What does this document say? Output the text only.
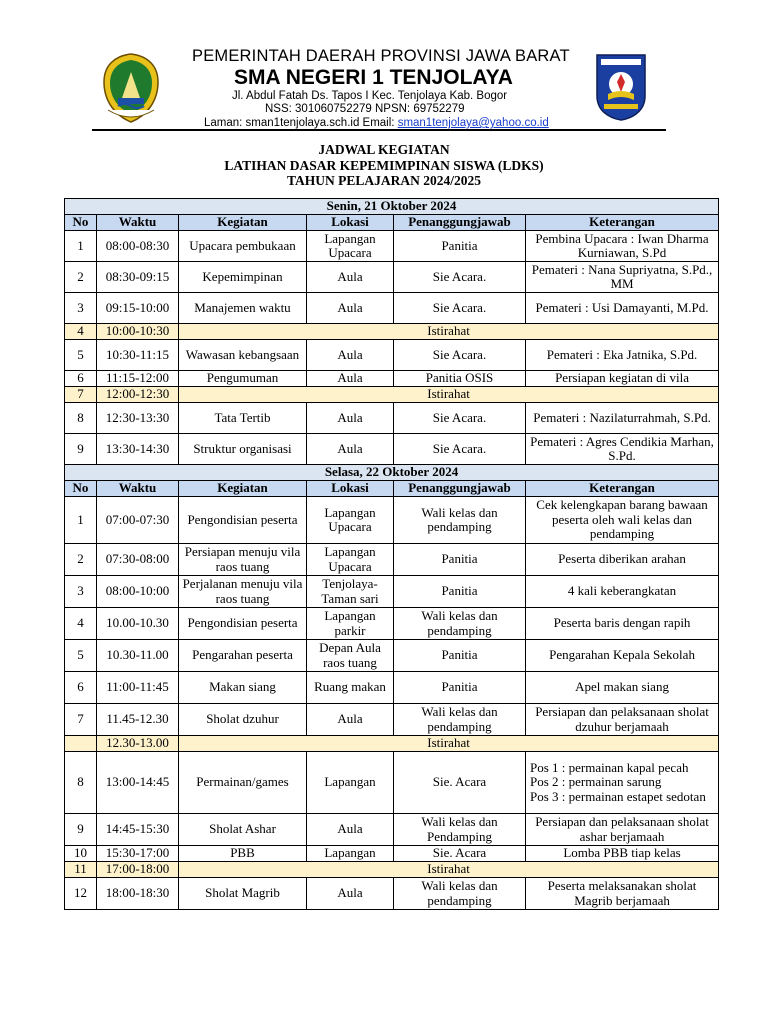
PEMERINTAH DAERAH PROVINSI JAWA BARAT
SMA NEGERI 1 TENJOLAYA
Jl. Abdul Fatah Ds. Tapos I Kec. Tenjolaya Kab. Bogor
NSS: 301060752279 NPSN: 69752279
Laman: sman1tenjolaya.sch.id Email: sman1tenjolaya@yahoo.co.id
JADWAL KEGIATAN
LATIHAN DASAR KEPEMIMPINAN SISWA (LDKS)
TAHUN PELAJARAN 2024/2025
Senin, 21 Oktober 2024					
No	Waktu	Kegiatan	Lokasi	Penanggungjawab	Keterangan
1	08:00-08:30	Upacara pembukaan	Lapangan Upacara	Panitia	Pembina Upacara : Iwan Dharma Kurniawan, S.Pd
2	08:30-09:15	Kepemimpinan	Aula	Sie Acara.	Pemateri : Nana Supriyatna, S.Pd., MM
3	09:15-10:00	Manajemen waktu	Aula	Sie Acara.	Pemateri : Usi Damayanti, M.Pd.
4	10:00-10:30	Istirahat			
5	10:30-11:15	Wawasan kebangsaan	Aula	Sie Acara.	Pemateri : Eka Jatnika, S.Pd.
6	11:15-12:00	Pengumuman	Aula	Panitia OSIS	Persiapan kegiatan di vila
7	12:00-12:30	Istirahat			
8	12:30-13:30	Tata Tertib	Aula	Sie Acara.	Pemateri : Nazilaturrahmah, S.Pd.
9	13:30-14:30	Struktur organisasi	Aula	Sie Acara.	Pemateri : Agres Cendikia Marhan, S.Pd.
Selasa, 22 Oktober 2024					
No	Waktu	Kegiatan	Lokasi	Penanggungjawab	Keterangan
1	07:00-07:30	Pengondisian peserta	Lapangan Upacara	Wali kelas dan pendamping	Cek kelengkapan barang bawaan peserta oleh wali kelas dan pendamping
2	07:30-08:00	Persiapan menuju vila raos tuang	Lapangan Upacara	Panitia	Peserta diberikan arahan
3	08:00-10:00	Perjalanan menuju vila raos tuang	Tenjolaya-Taman sari	Panitia	4 kali keberangkatan
4	10.00-10.30	Pengondisian peserta	Lapangan parkir	Wali kelas dan pendamping	Peserta baris dengan rapih
5	10.30-11.00	Pengarahan peserta	Depan Aula raos tuang	Panitia	Pengarahan Kepala Sekolah
6	11:00-11:45	Makan siang	Ruang makan	Panitia	Apel makan siang
7	11.45-12.30	Sholat dzuhur	Aula	Wali kelas dan pendamping	Persiapan dan pelaksanaan sholat dzuhur berjamaah
	12.30-13.00	Istirahat			
8	13:00-14:45	Permainan/games	Lapangan	Sie. Acara	Pos 1 : permainan kapal pecah
Pos 2 : permainan sarung
Pos 3 : permainan estapet sedotan

9	14:45-15:30	Sholat Ashar	Aula	Wali kelas dan Pendamping	Persiapan dan pelaksanaan sholat ashar berjamaah
10	15:30-17:00	PBB	Lapangan	Sie. Acara	Lomba PBB tiap kelas
11	17:00-18:00	Istirahat			
12	18:00-18:30	Sholat Magrib	Aula	Wali kelas dan pendamping	Peserta melaksanakan sholat Magrib berjamaah
